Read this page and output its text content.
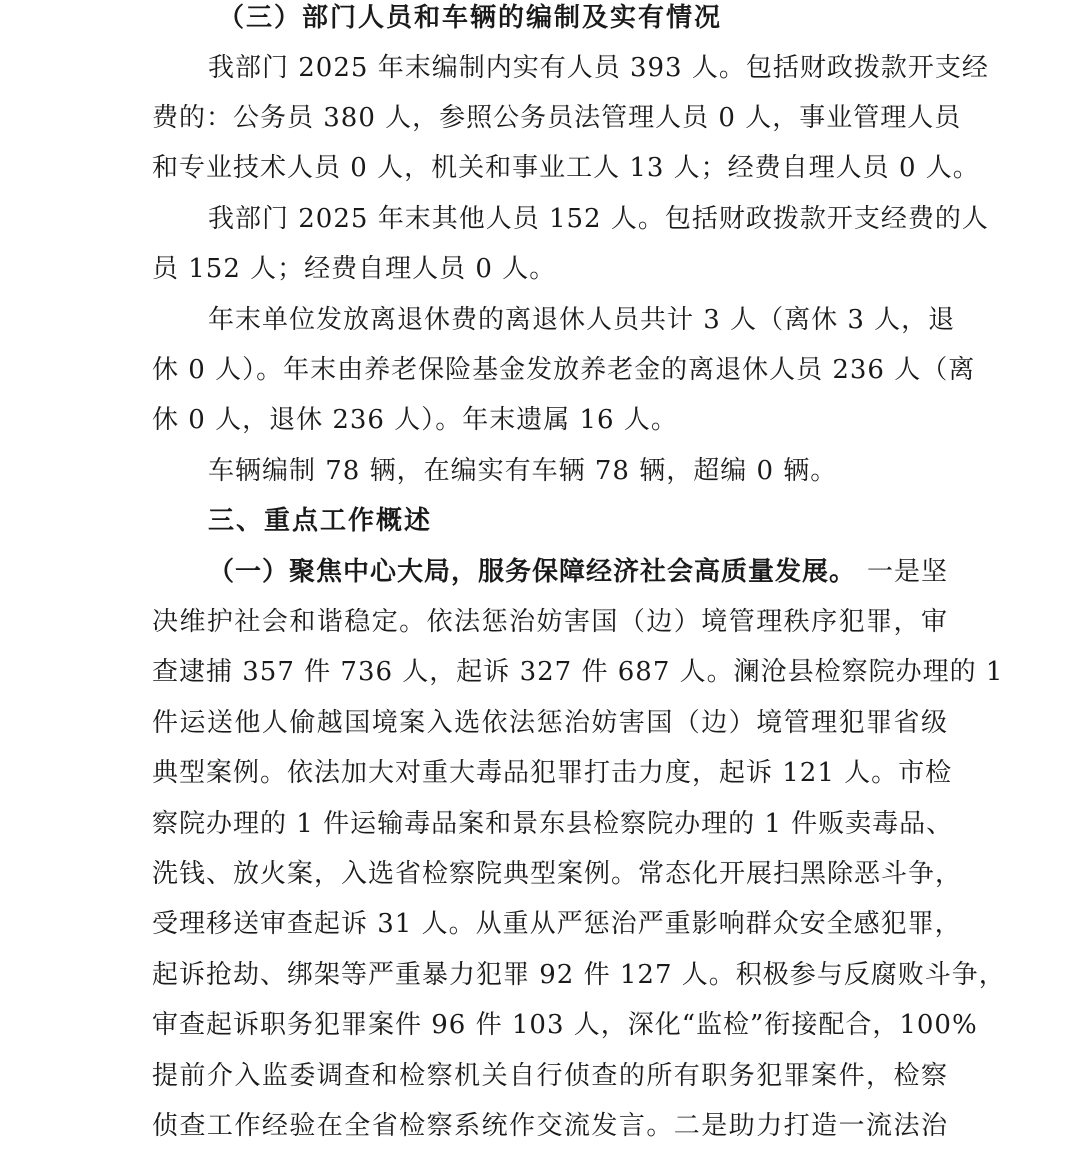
（三）部门人员和车辆的编制及实有情况
我部门 2025 年末编制内实有人员 393 人。包括财政拨款开支经
费的：公务员 380 人，参照公务员法管理人员 0 人，事业管理人员
和专业技术人员 0 人，机关和事业工人 13 人；经费自理人员 0 人。
我部门 2025 年末其他人员 152 人。包括财政拨款开支经费的人
员 152 人；经费自理人员 0 人。
年末单位发放离退休费的离退休人员共计 3 人（离休 3 人，退
休 0 人）。年末由养老保险基金发放养老金的离退休人员 236 人（离
休 0 人，退休 236 人）。年末遗属 16 人。
车辆编制 78 辆，在编实有车辆 78 辆，超编 0 辆。
三、重点工作概述
（一）聚焦中心大局，服务保障经济社会高质量发展。 一是坚
决维护社会和谐稳定。依法惩治妨害国（边）境管理秩序犯罪，审
查逮捕 357 件 736 人，起诉 327 件 687 人。澜沧县检察院办理的 1
件运送他人偷越国境案入选依法惩治妨害国（边）境管理犯罪省级
典型案例。依法加大对重大毒品犯罪打击力度，起诉 121 人。市检
察院办理的 1 件运输毒品案和景东县检察院办理的 1 件贩卖毒品、
洗钱、放火案，入选省检察院典型案例。常态化开展扫黑除恶斗争，
受理移送审查起诉 31 人。从重从严惩治严重影响群众安全感犯罪，
起诉抢劫、绑架等严重暴力犯罪 92 件 127 人。积极参与反腐败斗争，
审查起诉职务犯罪案件 96 件 103 人，深化“监检”衔接配合，100%
提前介入监委调查和检察机关自行侦查的所有职务犯罪案件，检察
侦查工作经验在全省检察系统作交流发言。二是助力打造一流法治
